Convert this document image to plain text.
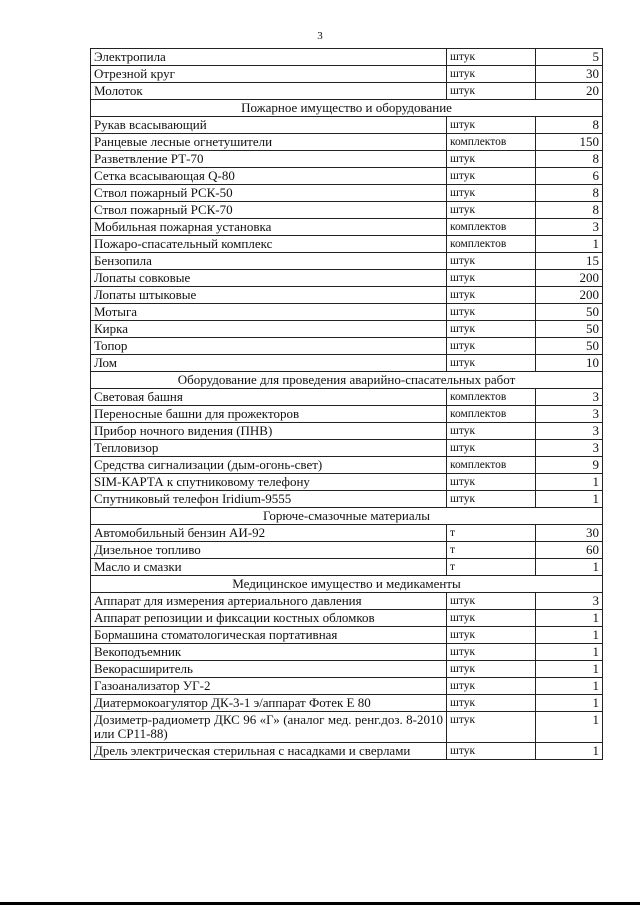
3
Электропила	штук	5
Отрезной круг	штук	30
Молоток	штук	20
Пожарное имущество и оборудование		
Рукав всасывающий	штук	8
Ранцевые лесные огнетушители	комплектов	150
Разветвление РТ-70	штук	8
Сетка всасывающая Q-80	штук	6
Ствол пожарный РСК-50	штук	8
Ствол пожарный РСК-70	штук	8
Мобильная пожарная установка	комплектов	3
Пожаро-спасательный комплекс	комплектов	1
Бензопила	штук	15
Лопаты совковые	штук	200
Лопаты штыковые	штук	200
Мотыга	штук	50
Кирка	штук	50
Топор	штук	50
Лом	штук	10
Оборудование для проведения аварийно-спасательных работ		
Световая башня	комплектов	3
Переносные башни для прожекторов	комплектов	3
Прибор ночного видения (ПНВ)	штук	3
Тепловизор	штук	3
Средства сигнализации (дым-огонь-свет)	комплектов	9
SIM-КАРТА к спутниковому телефону	штук	1
Спутниковый телефон Iridium-9555	штук	1
Горюче-смазочные материалы		
Автомобильный бензин АИ-92	т	30
Дизельное топливо	т	60
Масло и смазки	т	1
Медицинское имущество и медикаменты		
Аппарат для измерения артериального давления	штук	3
Аппарат репозиции и фиксации костных обломков	штук	1
Бормашина стоматологическая портативная	штук	1
Векоподъемник	штук	1
Векорасширитель	штук	1
Газоанализатор УГ-2	штук	1
Диатермокоагулятор ДК-3-1 э/аппарат Фотек Е 80	штук	1
Дозиметр-радиометр ДКС 96 «Г» (аналог мед. ренг.доз. 8-2010 или СР11-88)	штук	1
Дрель электрическая стерильная с насадками и сверлами	штук	1
